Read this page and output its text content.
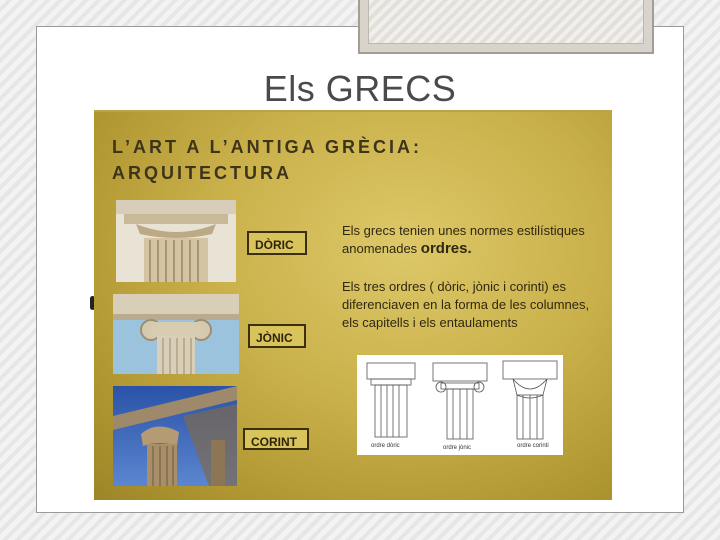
Els GRECS
L’ART A L’ANTIGA GRÈCIA:
ARQUITECTURA
DÒRIC
JÒNIC
CORINT
Els grecs tenien unes normes estilístiques anomenades ordres.
Els tres ordres ( dòric, jònic i corinti) es diferenciaven en la forma de les columnes, els capitells i els entaulaments
ordre dòric	ordre jònic	ordre corinti
